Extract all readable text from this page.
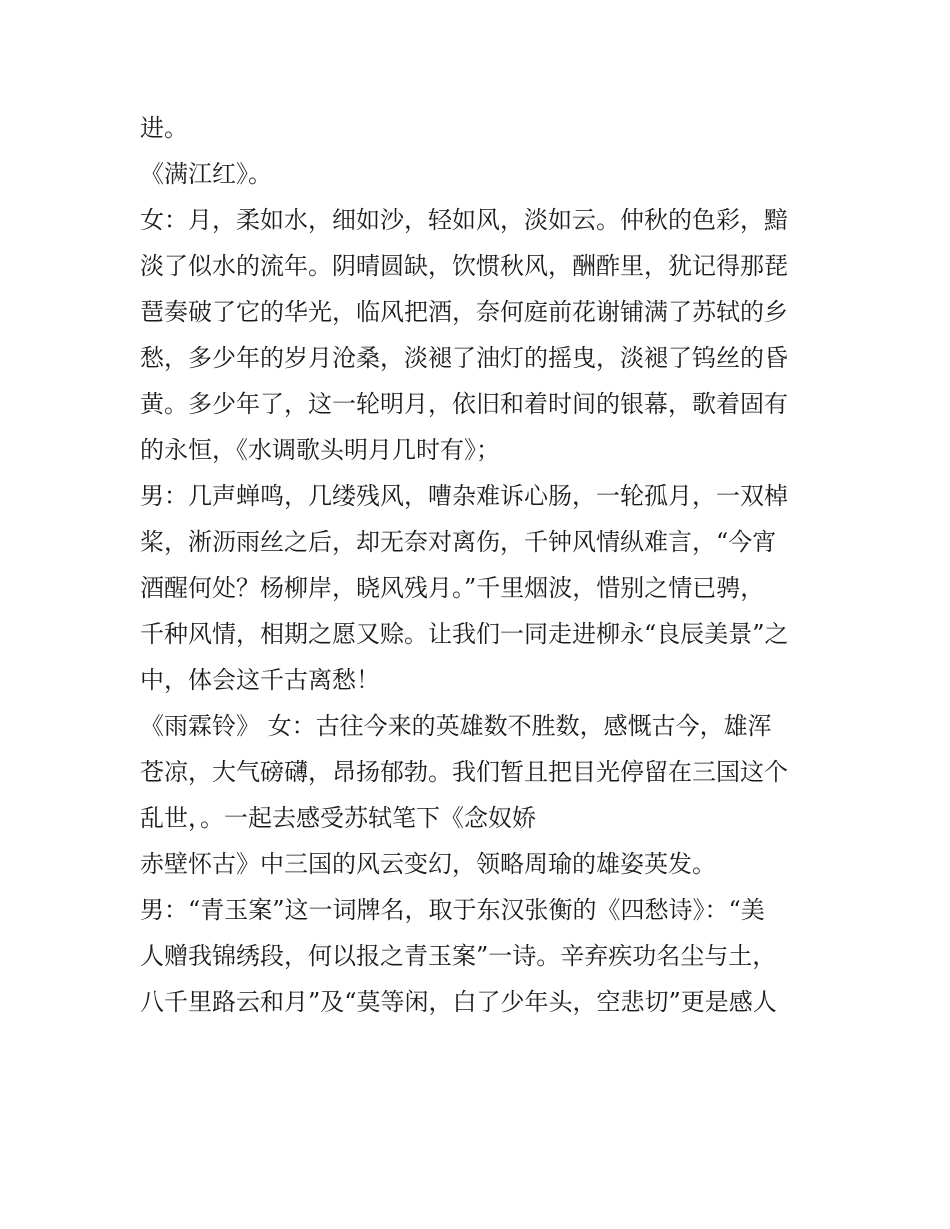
进。
《满江红》。
女：月，柔如水，细如沙，轻如风，淡如云。仲秋的色彩，黯
淡了似水的流年。阴晴圆缺，饮惯秋风，酬酢里，犹记得那琵
琶奏破了它的华光，临风把酒，奈何庭前花谢铺满了苏轼的乡
愁，多少年的岁月沧桑，淡褪了油灯的摇曳，淡褪了钨丝的昏
黄。多少年了，这一轮明月，依旧和着时间的银幕，歌着固有
的永恒，《水调歌头明月几时有》；
男：几声蝉鸣，几缕残风，嘈杂难诉心肠，一轮孤月，一双棹
桨，淅沥雨丝之后，却无奈对离伤，千钟风情纵难言，“今宵
酒醒何处？杨柳岸，晓风残月。”千里烟波，惜别之情已骋，
千种风情，相期之愿又赊。让我们一同走进柳永“良辰美景”之
中，体会这千古离愁！
《雨霖铃》 女：古往今来的英雄数不胜数，感慨古今，雄浑
苍凉，大气磅礴，昂扬郁勃。我们暂且把目光停留在三国这个
乱世，。一起去感受苏轼笔下《念奴娇
赤壁怀古》中三国的风云变幻，领略周瑜的雄姿英发。
男：“青玉案”这一词牌名，取于东汉张衡的《四愁诗》：“美
人赠我锦绣段，何以报之青玉案”一诗。辛弃疾功名尘与土，
八千里路云和月”及“莫等闲，白了少年头，空悲切”更是感人
